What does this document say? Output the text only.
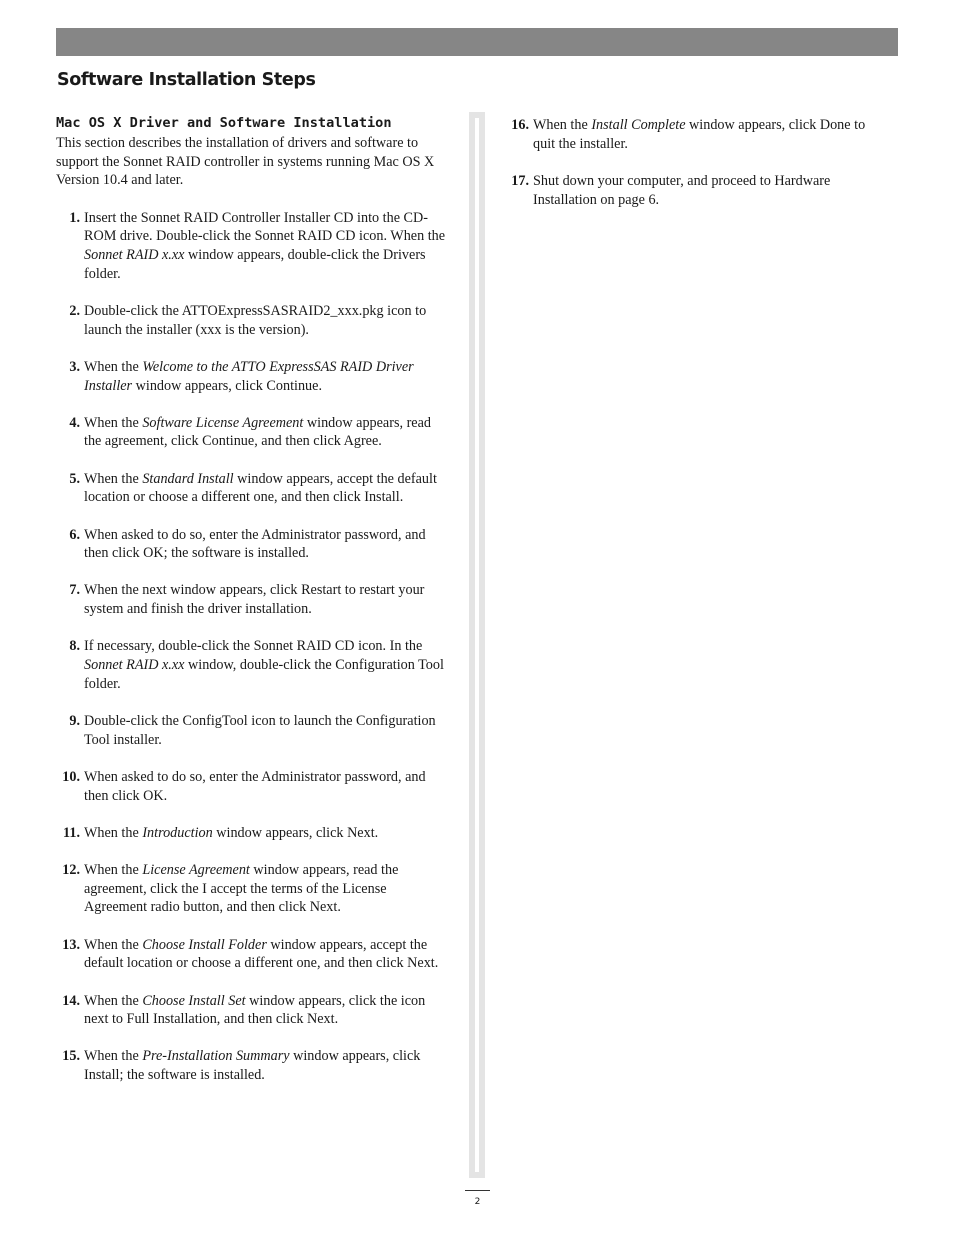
Software Installation Steps
Mac OS X Driver and Software Installation

This section describes the installation of drivers and software to support the Sonnet RAID controller in systems running Mac OS X Version 10.4 and later.

1. Insert the Sonnet RAID Controller Installer CD into the CD-ROM drive. Double-click the Sonnet RAID CD icon. When the Sonnet RAID x.xx window appears, double-click the Drivers folder.
2. Double-click the ATTOExpressSASRAID2_xxx.pkg icon to launch the installer (xxx is the version).
3. When the Welcome to the ATTO ExpressSAS RAID Driver Installer window appears, click Continue.
4. When the Software License Agreement window appears, read the agreement, click Continue, and then click Agree.
5. When the Standard Install window appears, accept the default location or choose a different one, and then click Install.
6. When asked to do so, enter the Administrator password, and then click OK; the software is installed.
7. When the next window appears, click Restart to restart your system and finish the driver installation.
8. If necessary, double-click the Sonnet RAID CD icon. In the Sonnet RAID x.xx window, double-click the Configuration Tool folder.
9. Double-click the ConfigTool icon to launch the Configuration Tool installer.
10. When asked to do so, enter the Administrator password, and then click OK.
11. When the Introduction window appears, click Next.
12. When the License Agreement window appears, read the agreement, click the I accept the terms of the License Agreement radio button, and then click Next.
13. When the Choose Install Folder window appears, accept the default location or choose a different one, and then click Next.
14. When the Choose Install Set window appears, click the icon next to Full Installation, and then click Next.
15. When the Pre-Installation Summary window appears, click Install; the software is installed.
16. When the Install Complete window appears, click Done to quit the installer.
17. Shut down your computer, and proceed to Hardware Installation on page 6.
2
